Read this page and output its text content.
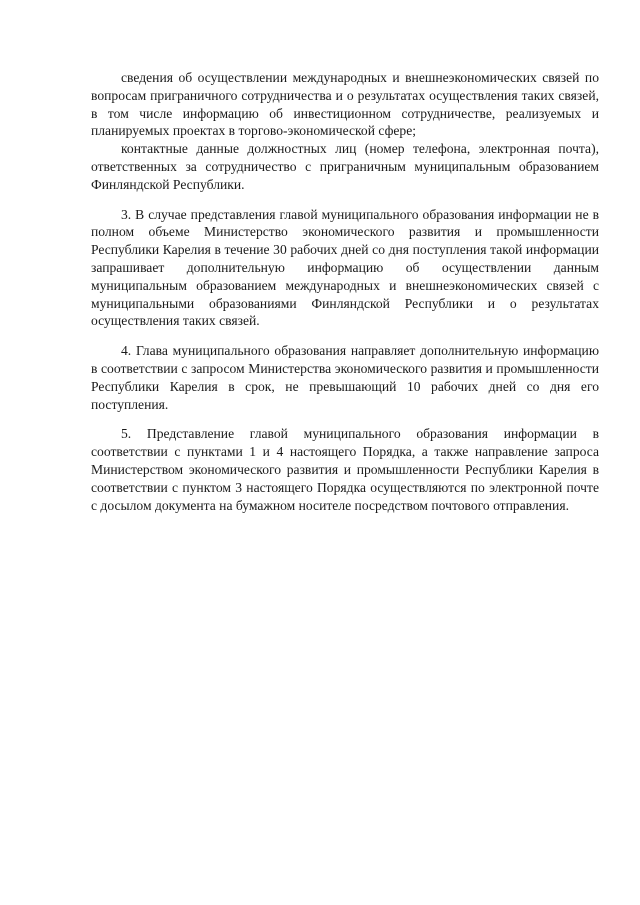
сведения об осуществлении международных и внешнеэкономических связей по вопросам приграничного сотрудничества и о результатах осуществления таких связей, в том числе информацию об инвестиционном сотрудничестве, реализуемых и планируемых проектах в торгово-экономической сфере;

контактные данные должностных лиц (номер телефона, электронная почта), ответственных за сотрудничество с приграничным муниципальным образованием Финляндской Республики.

3. В случае представления главой муниципального образования информации не в полном объеме Министерство экономического развития и промышленности Республики Карелия в течение 30 рабочих дней со дня поступления такой информации запрашивает дополнительную информацию об осуществлении данным муниципальным образованием международных и внешнеэкономических связей с муниципальными образованиями Финляндской Республики и о результатах осуществления таких связей.

4. Глава муниципального образования направляет дополнительную информацию в соответствии с запросом Министерства экономического развития и промышленности Республики Карелия в срок, не превышающий 10 рабочих дней со дня его поступления.

5. Представление главой муниципального образования информации в соответствии с пунктами 1 и 4 настоящего Порядка, а также направление запроса Министерством экономического развития и промышленности Республики Карелия в соответствии с пунктом 3 настоящего Порядка осуществляются по электронной почте с досылом документа на бумажном носителе посредством почтового отправления.
